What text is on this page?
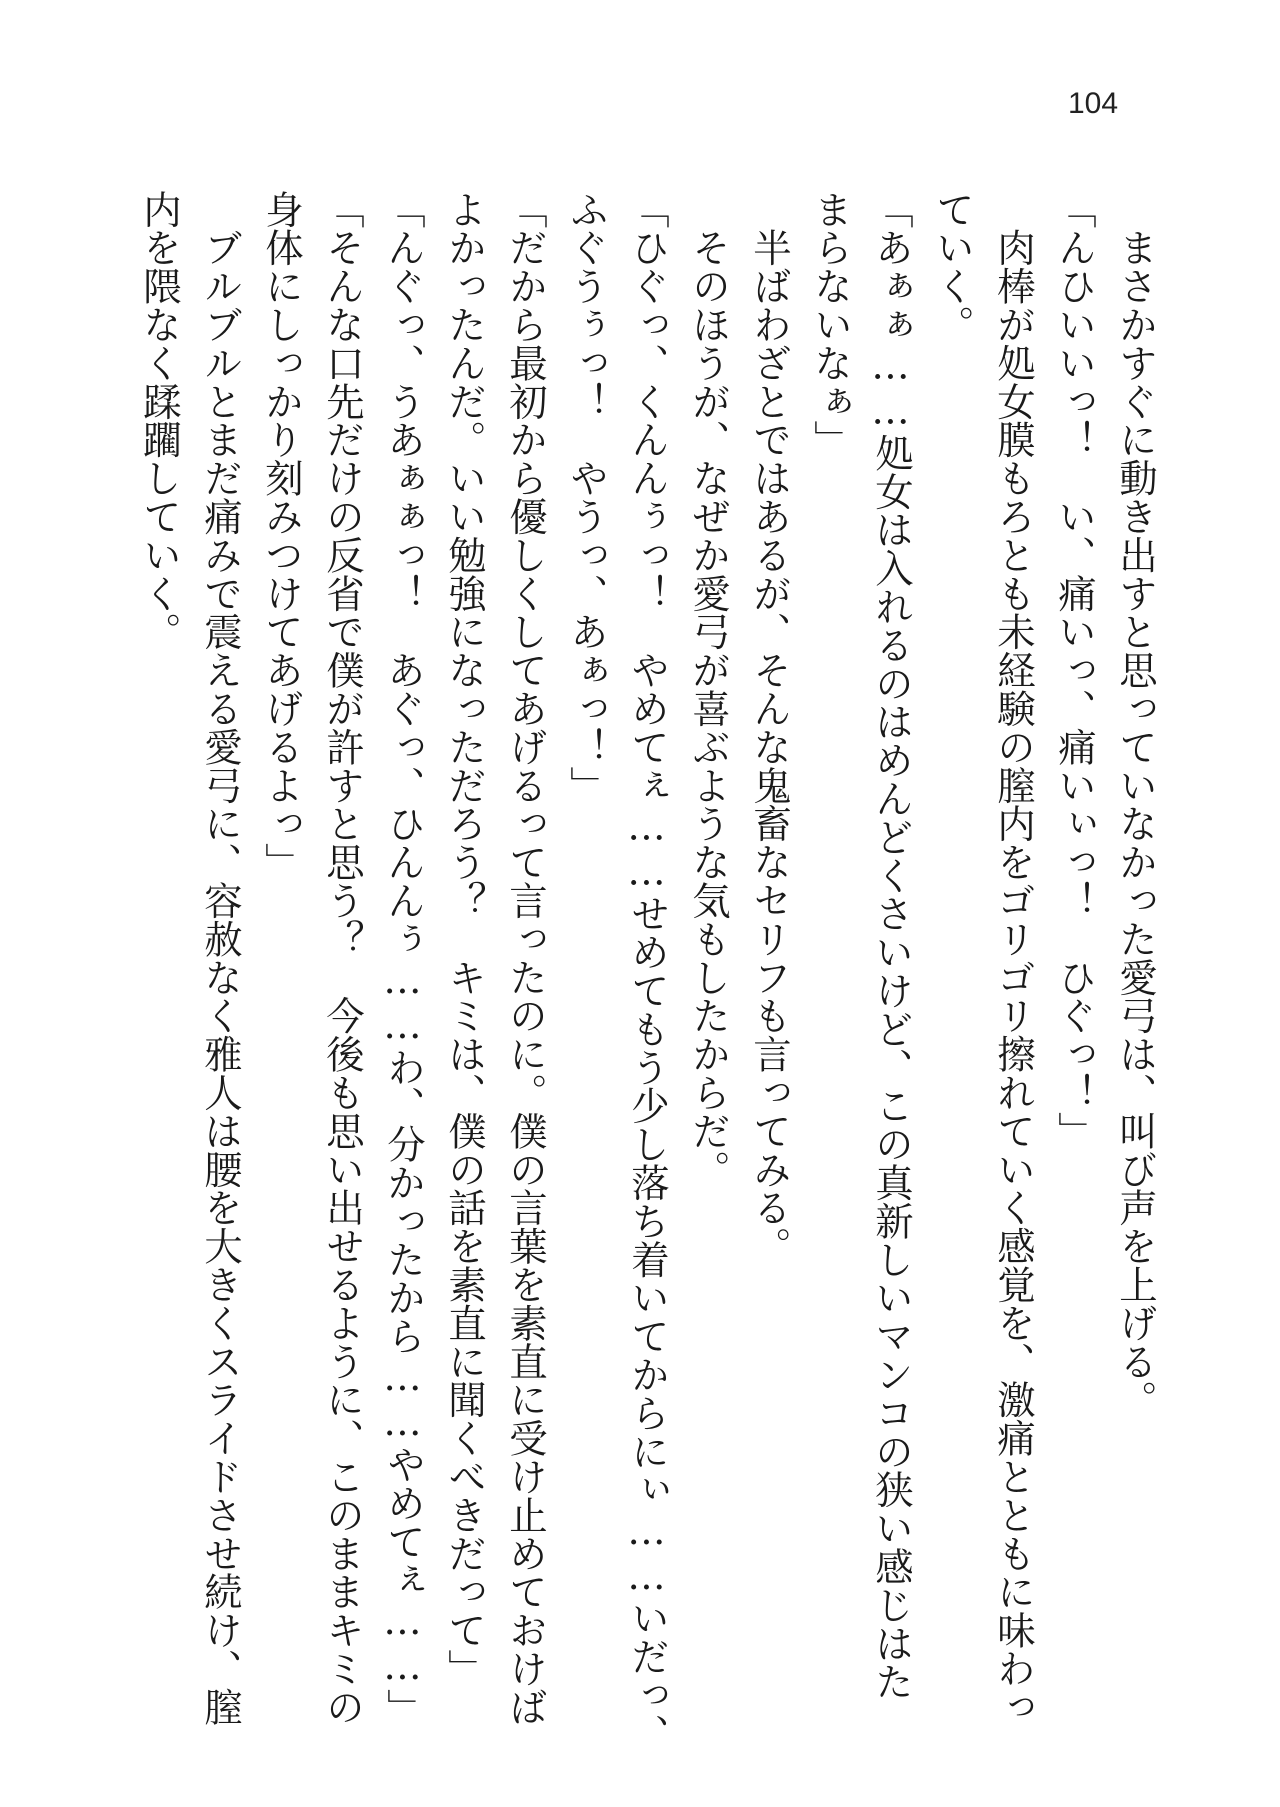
104
　まさかすぐに動き出すと思っていなかった愛弓は、叫び声を上げる。
「んひいいっ！　い、痛いっ、痛いぃっ！　ひぐっ！」
　肉棒が処女膜もろとも未経験の膣内をゴリゴリ擦れていく感覚を、激痛とともに味わっ
ていく。
「あぁぁ……処女は入れるのはめんどくさいけど、この真新しいマンコの狭い感じはた
まらないなぁ」
　半ばわざとではあるが、そんな鬼畜なセリフも言ってみる。
　そのほうが、なぜか愛弓が喜ぶような気もしたからだ。
「ひぐっ、くんんぅっ！　やめてぇ……せめてもう少し落ち着いてからにぃ……いだっ、
ふぐうぅっ！　やうっ、あぁっ！」
「だから最初から優しくしてあげるって言ったのに。僕の言葉を素直に受け止めておけば
よかったんだ。いい勉強になっただろう？　キミは、僕の話を素直に聞くべきだって」
「んぐっ、うあぁぁっ！　あぐっ、ひんんぅ……わ、分かったから……やめてぇ……」
「そんな口先だけの反省で僕が許すと思う？　今後も思い出せるように、このままキミの
身体にしっかり刻みつけてあげるよっ」
　ブルブルとまだ痛みで震える愛弓に、容赦なく雅人は腰を大きくスライドさせ続け、膣
内を隈なく蹂躙していく。
